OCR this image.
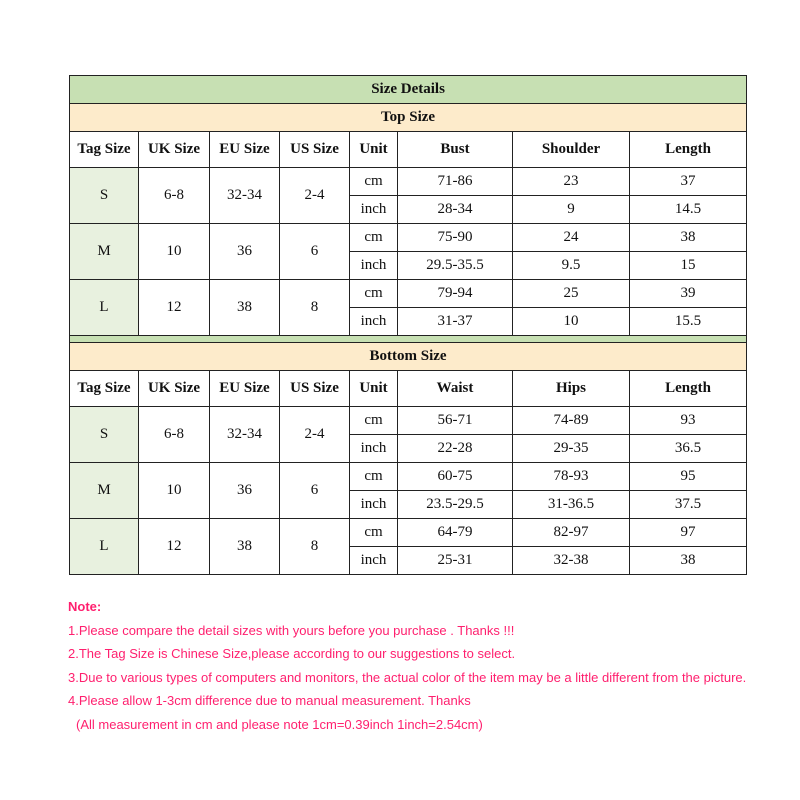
Size Details							
Top Size							
Tag Size	UK Size	EU Size	US Size	Unit	Bust	Shoulder	Length
S	6-8	32-34	2-4	cm	71-86	23	37
				inch	28-34	9	14.5
M	10	36	6	cm	75-90	24	38
				inch	29.5-35.5	9.5	15
L	12	38	8	cm	79-94	25	39
				inch	31-37	10	15.5

Bottom Size							
Tag Size	UK Size	EU Size	US Size	Unit	Waist	Hips	Length
S	6-8	32-34	2-4	cm	56-71	74-89	93
				inch	22-28	29-35	36.5
M	10	36	6	cm	60-75	78-93	95
				inch	23.5-29.5	31-36.5	37.5
L	12	38	8	cm	64-79	82-97	97
				inch	25-31	32-38	38
Note:
1.Please compare the detail sizes with yours before you purchase . Thanks !!!
2.The Tag Size is Chinese Size,please according to our suggestions to select.
3.Due to various types of computers and monitors, the actual color of the item may be a little different from the picture.
4.Please allow 1-3cm difference due to manual measurement. Thanks
(All measurement in cm and please note 1cm=0.39inch 1inch=2.54cm)
